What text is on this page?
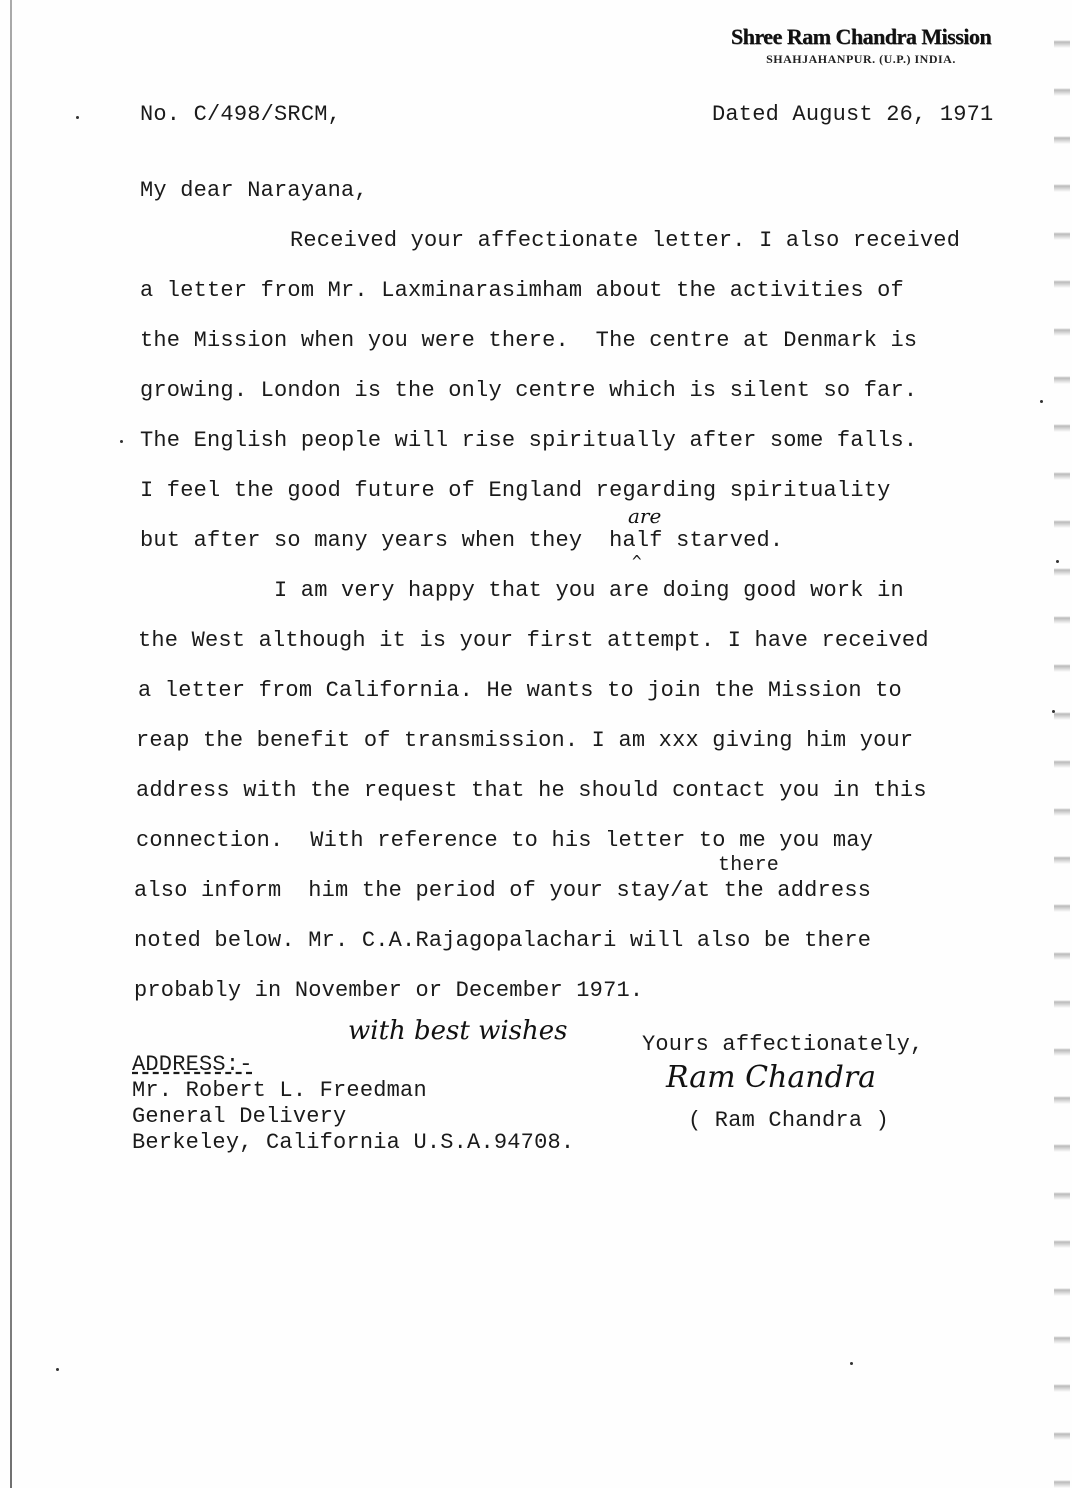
Shree Ram Chandra Mission
SHAHJAHANPUR. (U.P.) INDIA.
No. C/498/SRCM,	Dated August 26, 1971
My dear Narayana,
Received your affectionate letter. I also received
a letter from Mr. Laxminarasimham about the activities of
the Mission when you were there.  The centre at Denmark is
growing. London is the only centre which is silent so far.
The English people will rise spiritually after some falls.
I feel the good future of England regarding spirituality
but after so many years when they  half starved.
are
^
I am very happy that you are doing good work in
the West although it is your first attempt. I have received
a letter from California. He wants to join the Mission to
reap the benefit of transmission. I am xxx giving him your
address with the request that he should contact you in this
connection.  With reference to his letter to me you may
there
also inform  him the period of your stay/at the address
noted below. Mr. C.A.Rajagopalachari will also be there
probably in November or December 1971.
with best wishes	Yours affectionately,
Ram Chandra
( Ram Chandra )
ADDRESS:-
Mr. Robert L. Freedman
General Delivery
Berkeley, California U.S.A.94708.
